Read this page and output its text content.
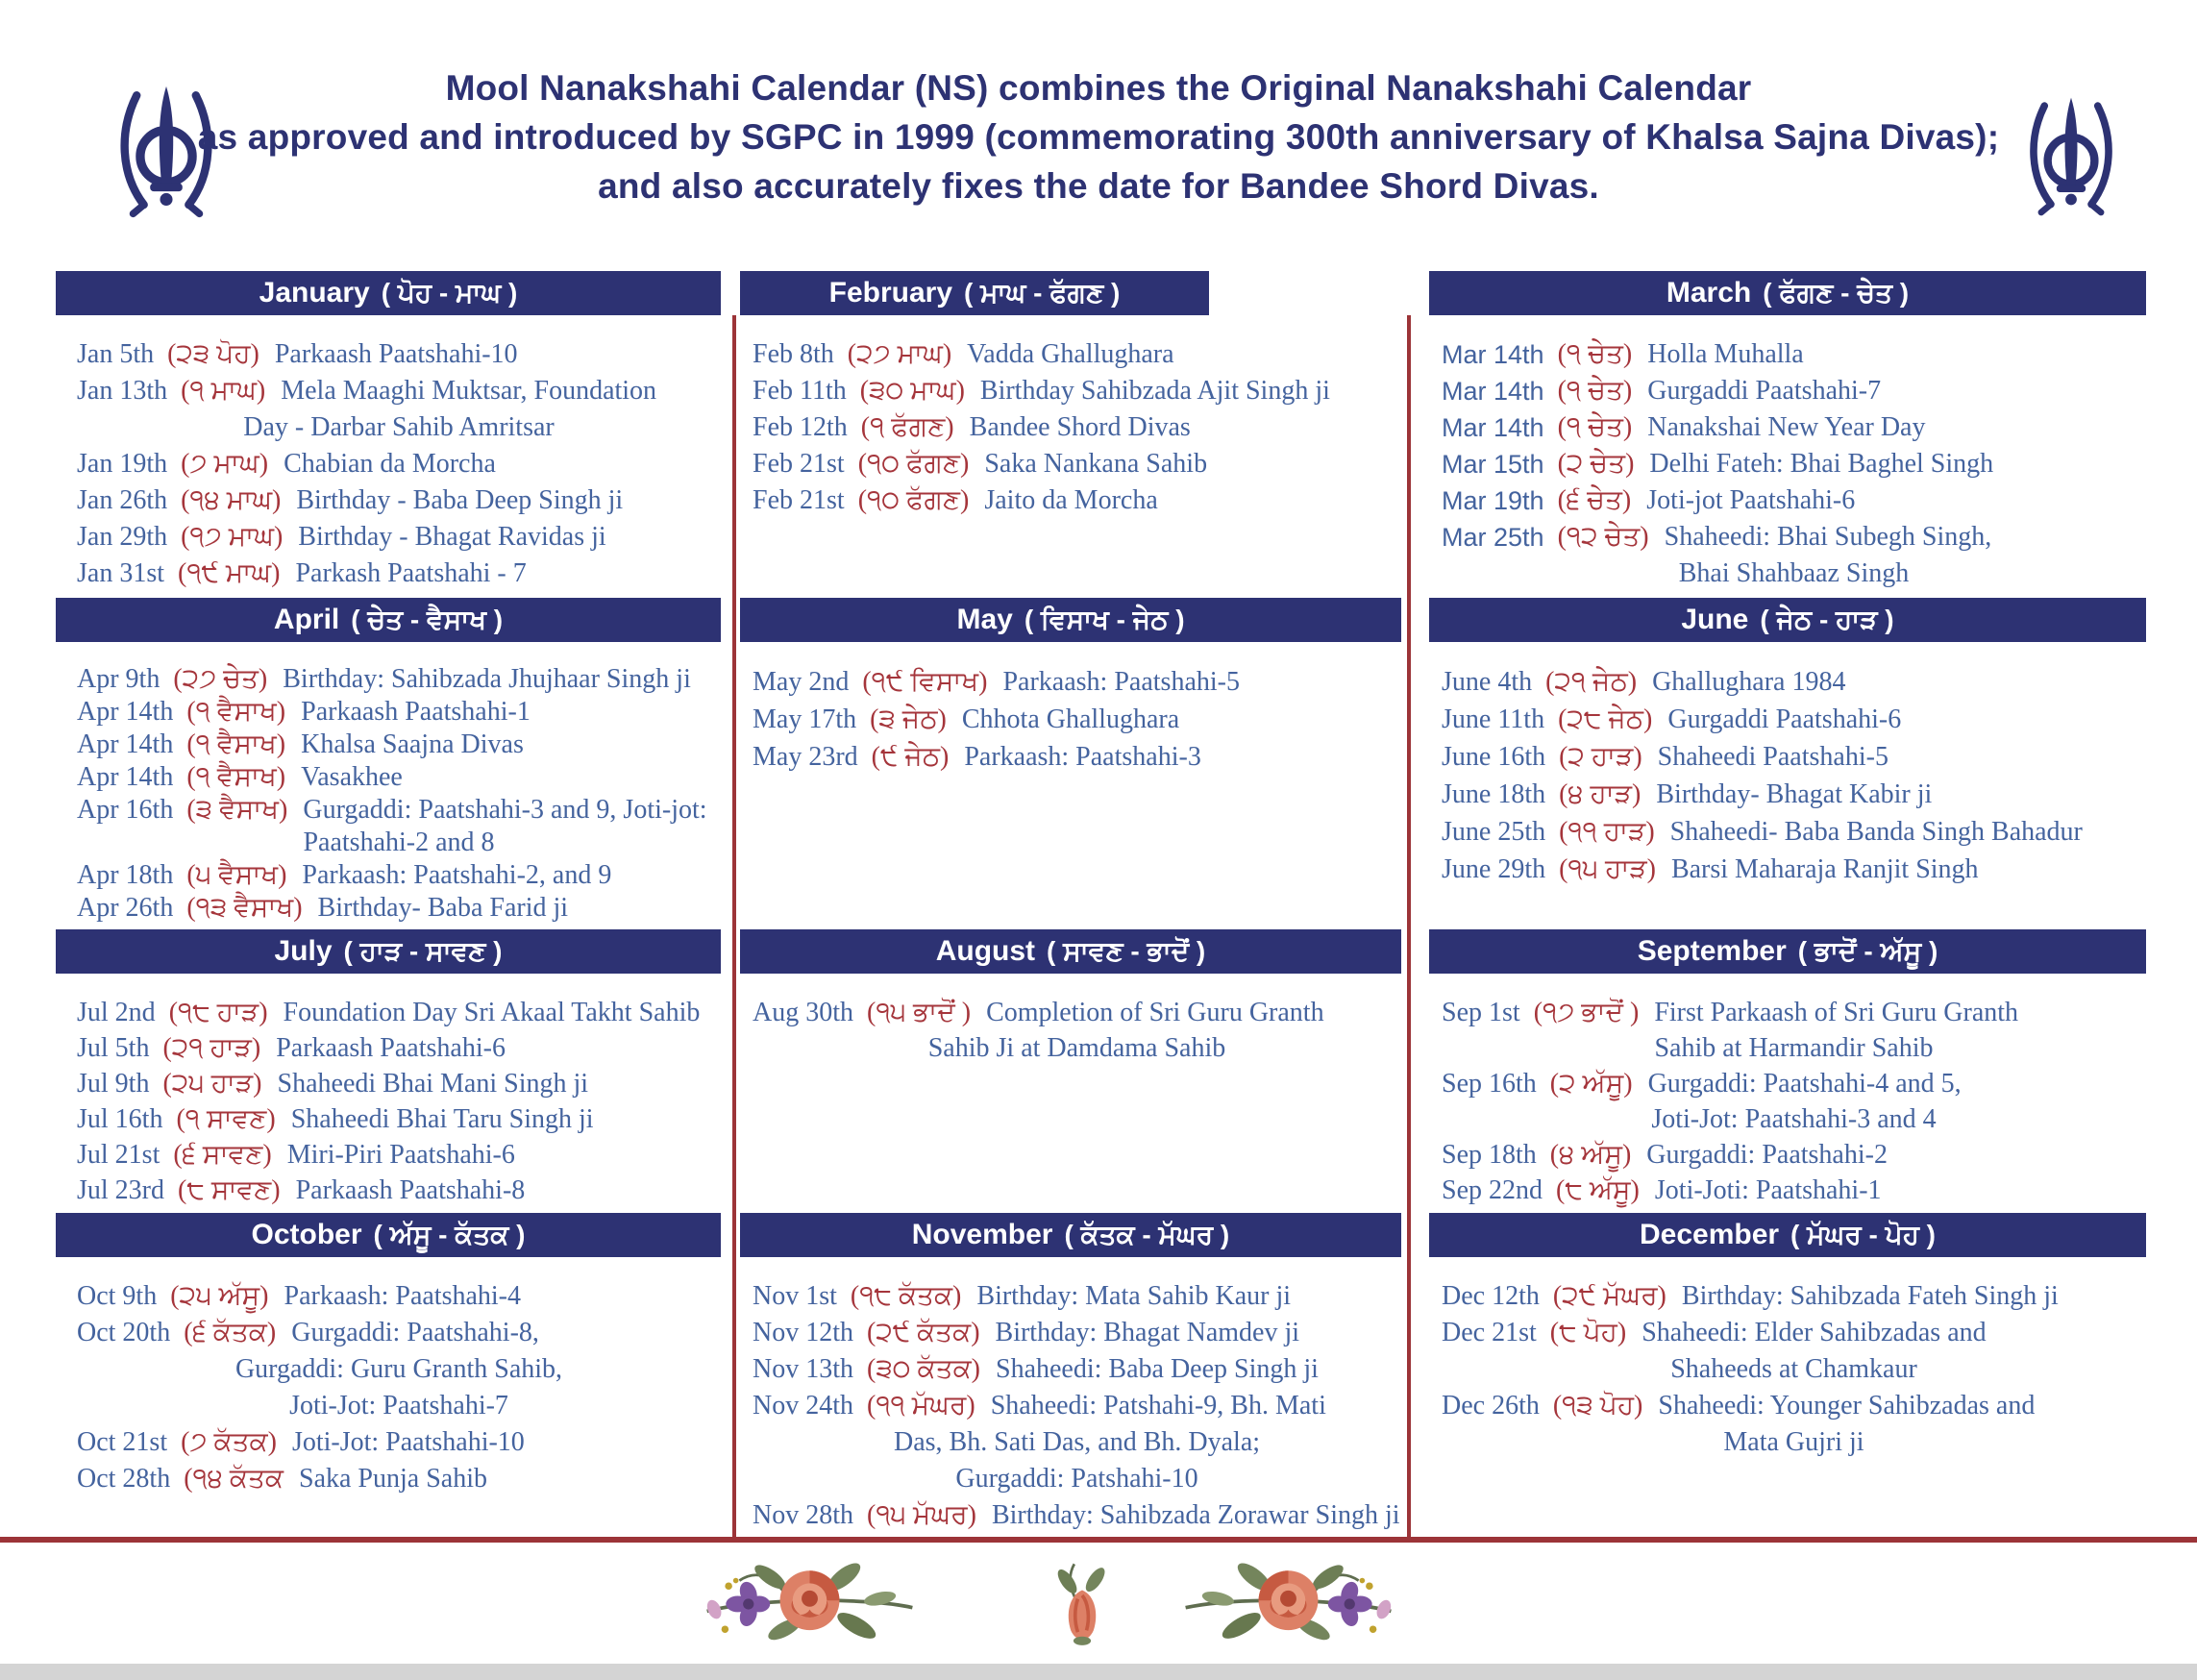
Mool Nanakshahi Calendar (NS) combines the Original Nanakshahi Calendar
as approved and introduced by SGPC in 1999 (commemorating 300th anniversary of Khalsa Sajna Divas);
and also accurately fixes the date for Bandee Shord Divas.
January ( ਪੋਹ - ਮਾਘ )
Jan 5th (੨੩ ਪੋਹ) Parkaash Paatshahi-10
Jan 13th (੧ ਮਾਘ) Mela Maaghi Muktsar, Foundation
Day - Darbar Sahib Amritsar
Jan 19th (੭ ਮਾਘ) Chabian da Morcha
Jan 26th (੧੪ ਮਾਘ) Birthday - Baba Deep Singh ji
Jan 29th (੧੭ ਮਾਘ) Birthday - Bhagat Ravidas ji
Jan 31st (੧੯ ਮਾਘ) Parkash Paatshahi - 7
February ( ਮਾਘ - ਫੱਗਣ )
Feb 8th (੨੭ ਮਾਘ) Vadda Ghallughara
Feb 11th (੩੦ ਮਾਘ) Birthday Sahibzada Ajit Singh ji
Feb 12th (੧ ਫੱਗਣ) Bandee Shord Divas
Feb 21st (੧੦ ਫੱਗਣ) Saka Nankana Sahib
Feb 21st (੧੦ ਫੱਗਣ) Jaito da Morcha
March ( ਫੱਗਣ - ਚੇਤ )
Mar 14th (੧ ਚੇਤ) Holla Muhalla
Mar 14th (੧ ਚੇਤ) Gurgaddi Paatshahi-7
Mar 14th (੧ ਚੇਤ) Nanakshai New Year Day
Mar 15th (੨ ਚੇਤ) Delhi Fateh: Bhai Baghel Singh
Mar 19th (੬ ਚੇਤ) Joti-jot Paatshahi-6
Mar 25th (੧੨ ਚੇਤ) Shaheedi: Bhai Subegh Singh,
Bhai Shahbaaz Singh
April ( ਚੇਤ - ਵੈਸਾਖ )
Apr 9th (੨੭ ਚੇਤ) Birthday: Sahibzada Jhujhaar Singh ji
Apr 14th (੧ ਵੈਸਾਖ) Parkaash Paatshahi-1
Apr 14th (੧ ਵੈਸਾਖ) Khalsa Saajna Divas
Apr 14th (੧ ਵੈਸਾਖ) Vasakhee
Apr 16th (੩ ਵੈਸਾਖ) Gurgaddi: Paatshahi-3 and 9, Joti-jot:
Paatshahi-2 and 8
Apr 18th (੫ ਵੈਸਾਖ) Parkaash: Paatshahi-2, and 9
Apr 26th (੧੩ ਵੈਸਾਖ) Birthday- Baba Farid ji
May ( ਵਿਸਾਖ - ਜੇਠ )
May 2nd (੧੯ ਵਿਸਾਖ) Parkaash: Paatshahi-5
May 17th (੩ ਜੇਠ) Chhota Ghallughara
May 23rd (੯ ਜੇਠ) Parkaash: Paatshahi-3
June ( ਜੇਠ - ਹਾੜ )
June 4th (੨੧ ਜੇਠ) Ghallughara 1984
June 11th (੨੮ ਜੇਠ) Gurgaddi Paatshahi-6
June 16th (੨ ਹਾੜ) Shaheedi Paatshahi-5
June 18th (੪ ਹਾੜ) Birthday- Bhagat Kabir ji
June 25th (੧੧ ਹਾੜ) Shaheedi- Baba Banda Singh Bahadur
June 29th (੧੫ ਹਾੜ) Barsi Maharaja Ranjit Singh
July ( ਹਾੜ - ਸਾਵਣ )
Jul 2nd (੧੮ ਹਾੜ) Foundation Day Sri Akaal Takht Sahib
Jul 5th (੨੧ ਹਾੜ) Parkaash Paatshahi-6
Jul 9th (੨੫ ਹਾੜ) Shaheedi Bhai Mani Singh ji
Jul 16th (੧ ਸਾਵਣ) Shaheedi Bhai Taru Singh ji
Jul 21st (੬ ਸਾਵਣ) Miri-Piri Paatshahi-6
Jul 23rd (੮ ਸਾਵਣ) Parkaash Paatshahi-8
August ( ਸਾਵਣ - ਭਾਦੋਂ )
Aug 30th (੧੫ ਭਾਦੋਂ ) Completion of Sri Guru Granth
Sahib Ji at Damdama Sahib
September ( ਭਾਦੋਂ - ਅੱਸੂ )
Sep 1st (੧੭ ਭਾਦੋਂ ) First Parkaash of Sri Guru Granth
Sahib at Harmandir Sahib
Sep 16th (੨ ਅੱਸੂ) Gurgaddi: Paatshahi-4 and 5,
Joti-Jot: Paatshahi-3 and 4
Sep 18th (੪ ਅੱਸੂ) Gurgaddi: Paatshahi-2
Sep 22nd (੮ ਅੱਸੂ) Joti-Joti: Paatshahi-1
October ( ਅੱਸੂ - ਕੱਤਕ )
Oct 9th (੨੫ ਅੱਸੂ) Parkaash: Paatshahi-4
Oct 20th (੬ ਕੱਤਕ) Gurgaddi: Paatshahi-8,
Gurgaddi: Guru Granth Sahib,
Joti-Jot: Paatshahi-7
Oct 21st (੭ ਕੱਤਕ) Joti-Jot: Paatshahi-10
Oct 28th (੧੪ ਕੱਤਕ Saka Punja Sahib
November ( ਕੱਤਕ - ਮੱਘਰ )
Nov 1st (੧੮ ਕੱਤਕ) Birthday: Mata Sahib Kaur ji
Nov 12th (੨੯ ਕੱਤਕ) Birthday: Bhagat Namdev ji
Nov 13th (੩੦ ਕੱਤਕ) Shaheedi: Baba Deep Singh ji
Nov 24th (੧੧ ਮੱਘਰ) Shaheedi: Patshahi-9, Bh. Mati
Das, Bh. Sati Das, and Bh. Dyala;
Gurgaddi: Patshahi-10
Nov 28th (੧੫ ਮੱਘਰ) Birthday: Sahibzada Zorawar Singh ji
December ( ਮੱਘਰ - ਪੋਹ )
Dec 12th (੨੯ ਮੱਘਰ) Birthday: Sahibzada Fateh Singh ji
Dec 21st (੮ ਪੋਹ) Shaheedi: Elder Sahibzadas and
Shaheeds at Chamkaur
Dec 26th (੧੩ ਪੋਹ) Shaheedi: Younger Sahibzadas and
Mata Gujri ji
